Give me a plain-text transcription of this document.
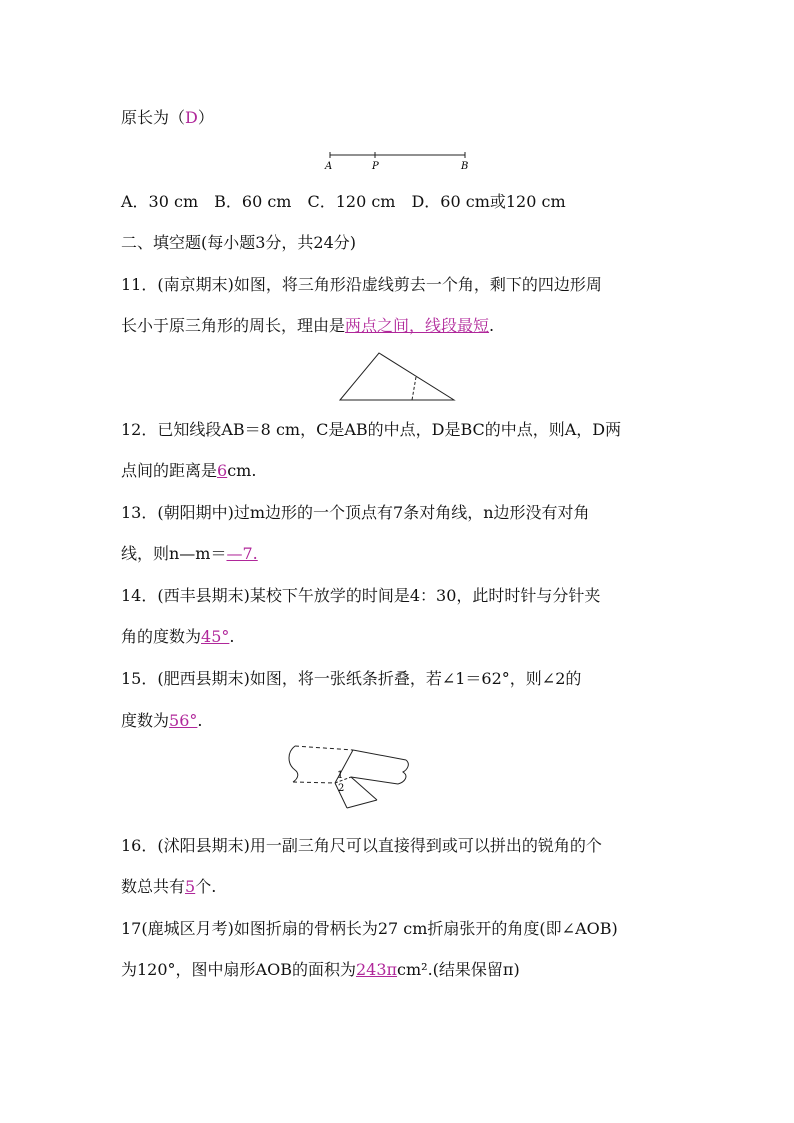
原长为（D）
A	P	B
A．30 cm　B．60 cm　C．120 cm　D．60 cm或120 cm
二、填空题(每小题3分，共24分)
11．(南京期末)如图，将三角形沿虚线剪去一个角，剩下的四边形周
长小于原三角形的周长，理由是两点之间，线段最短.
12．已知线段AB＝8 cm，C是AB的中点，D是BC的中点，则A，D两
点间的距离是6cm.
13．(朝阳期中)过m边形的一个顶点有7条对角线，n边形没有对角
线，则n—m＝—7.
14．(西丰县期末)某校下午放学的时间是4：30，此时时针与分针夹
角的度数为45°.
15．(肥西县期末)如图，将一张纸条折叠，若∠1＝62°，则∠2的
度数为56°.
1
2
16．(沭阳县期末)用一副三角尺可以直接得到或可以拼出的锐角的个
数总共有5个.
17(鹿城区月考)如图折扇的骨柄长为27 cm折扇张开的角度(即∠AOB)
为120°，图中扇形AOB的面积为243πcm².(结果保留π)
